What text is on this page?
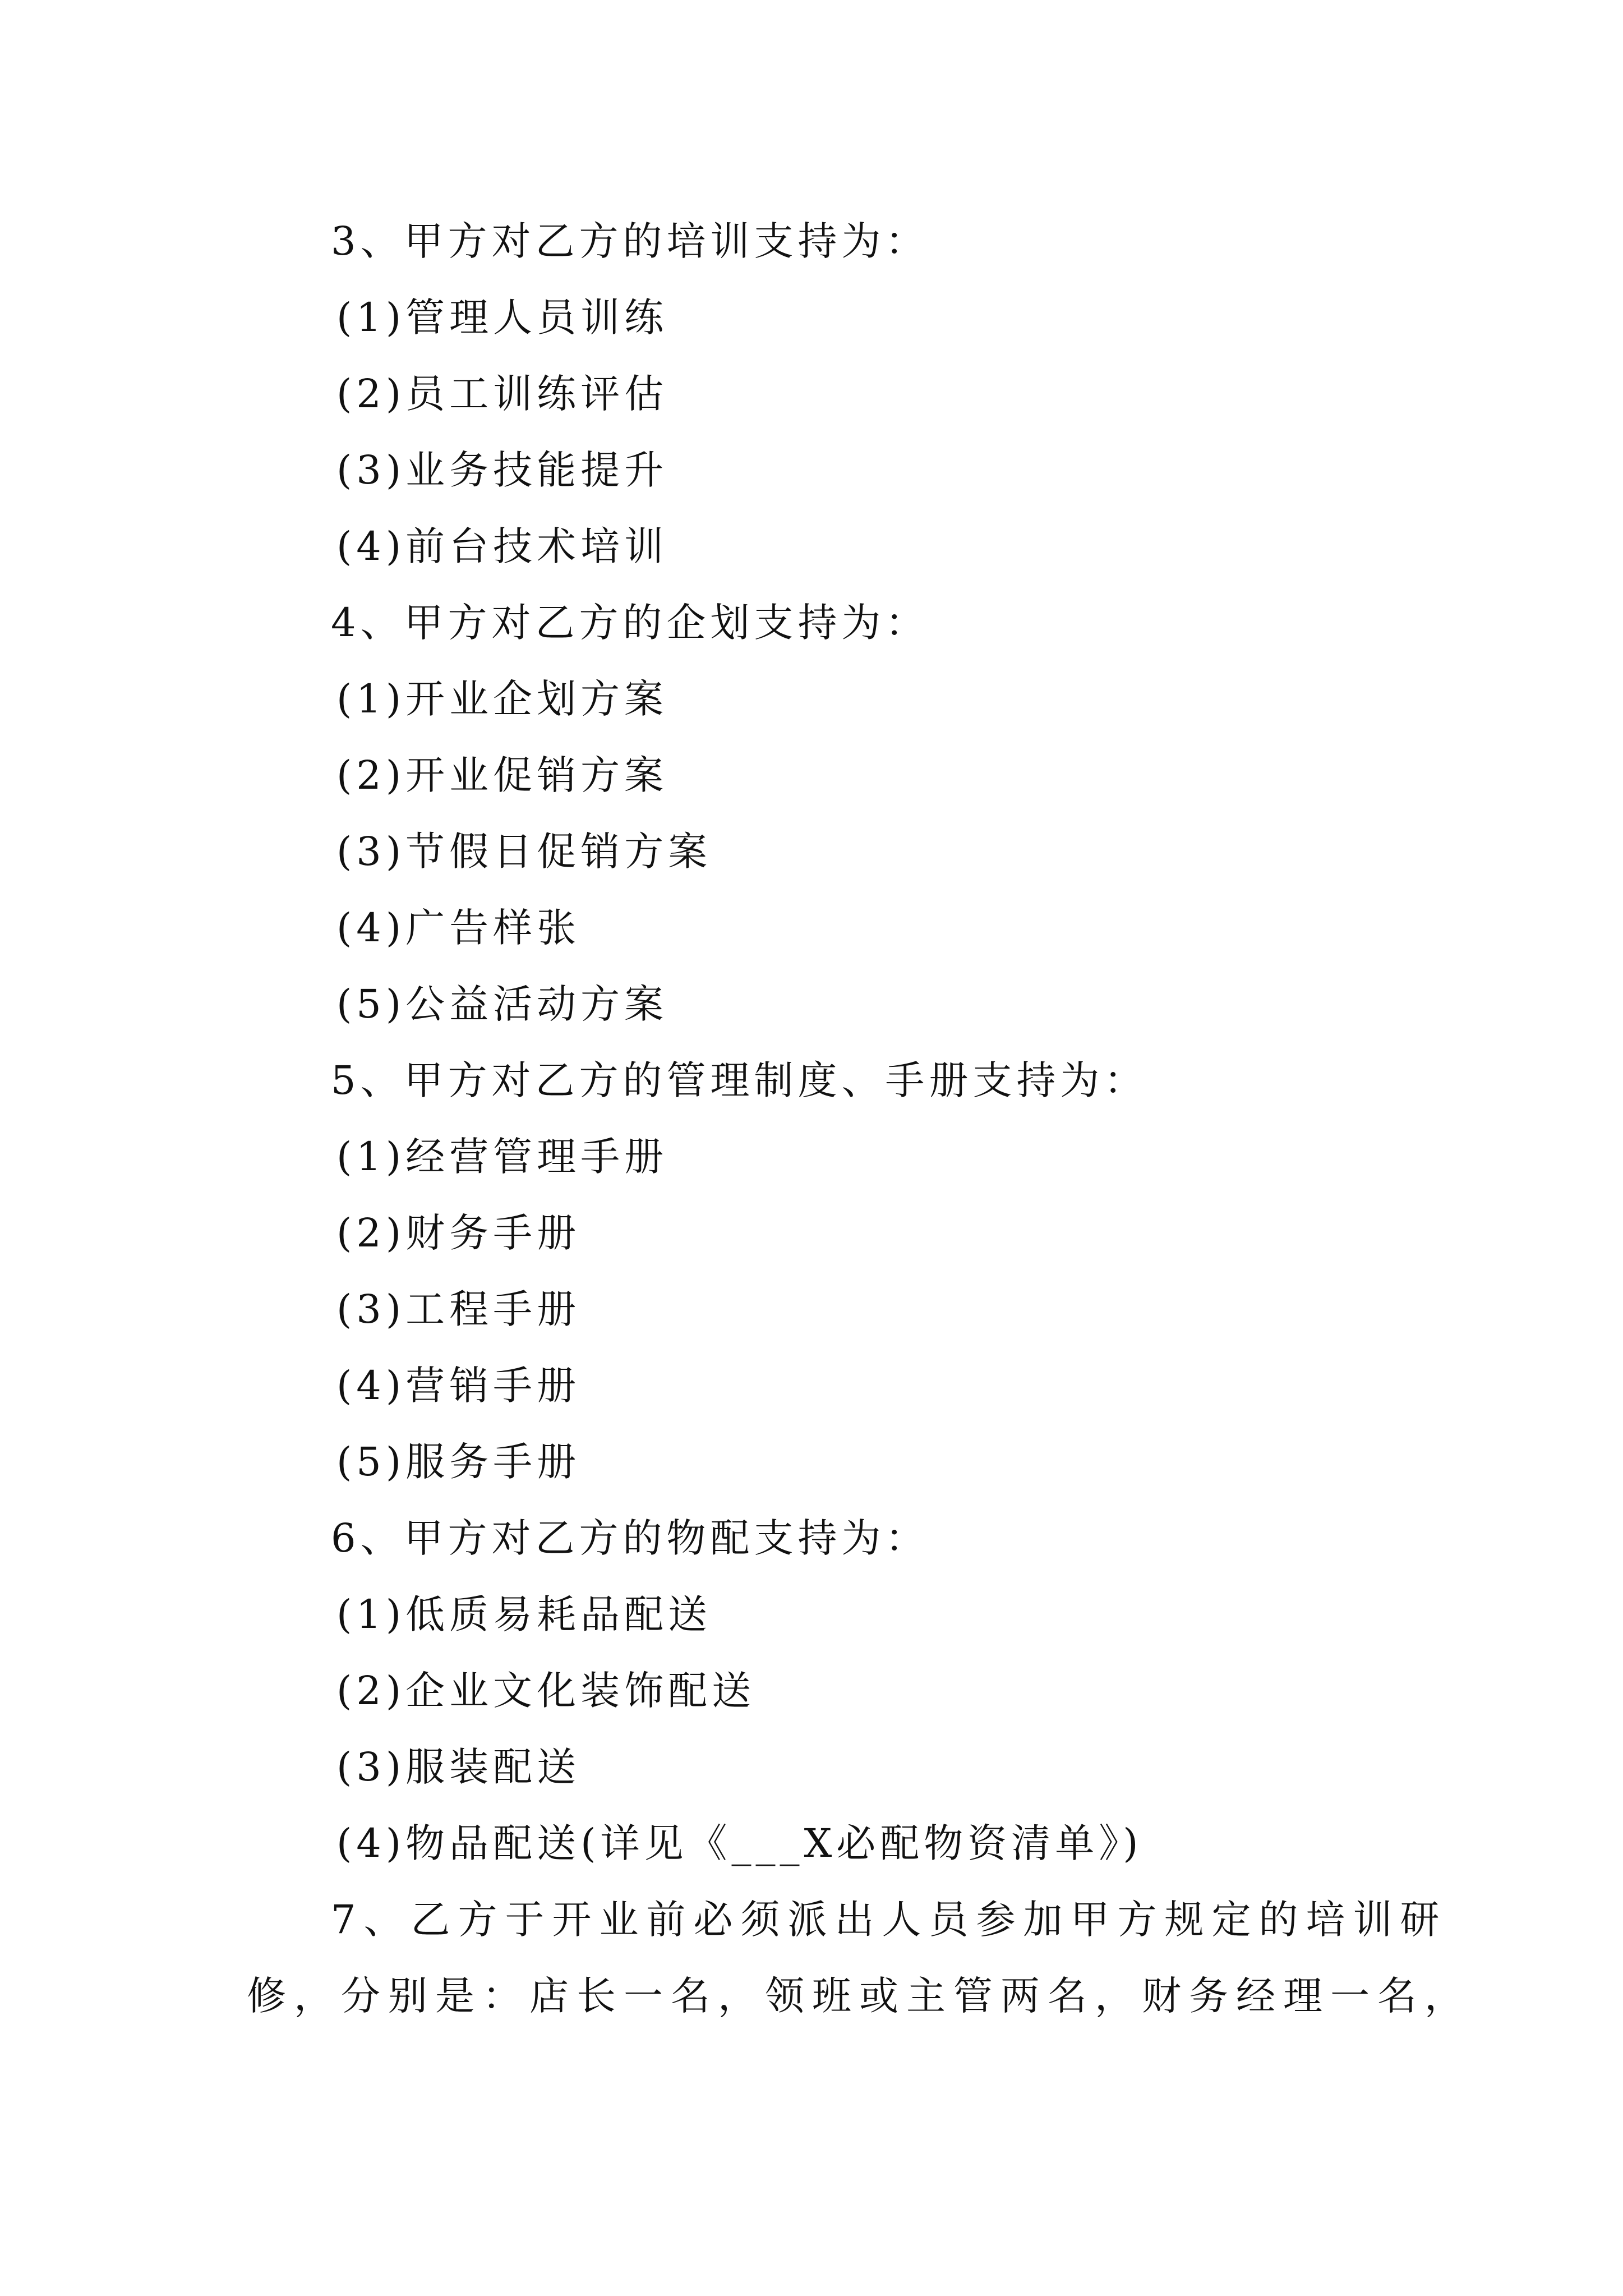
3、甲方对乙方的培训支持为：
(1)管理人员训练
(2)员工训练评估
(3)业务技能提升
(4)前台技术培训
4、甲方对乙方的企划支持为：
(1)开业企划方案
(2)开业促销方案
(3)节假日促销方案
(4)广告样张
(5)公益活动方案
5、甲方对乙方的管理制度、手册支持为：
(1)经营管理手册
(2)财务手册
(3)工程手册
(4)营销手册
(5)服务手册
6、甲方对乙方的物配支持为：
(1)低质易耗品配送
(2)企业文化装饰配送
(3)服装配送
(4)物品配送(详见《___X必配物资清单》)
7、乙方于开业前必须派出人员参加甲方规定的培训研
修，分别是：店长一名，领班或主管两名，财务经理一名，
